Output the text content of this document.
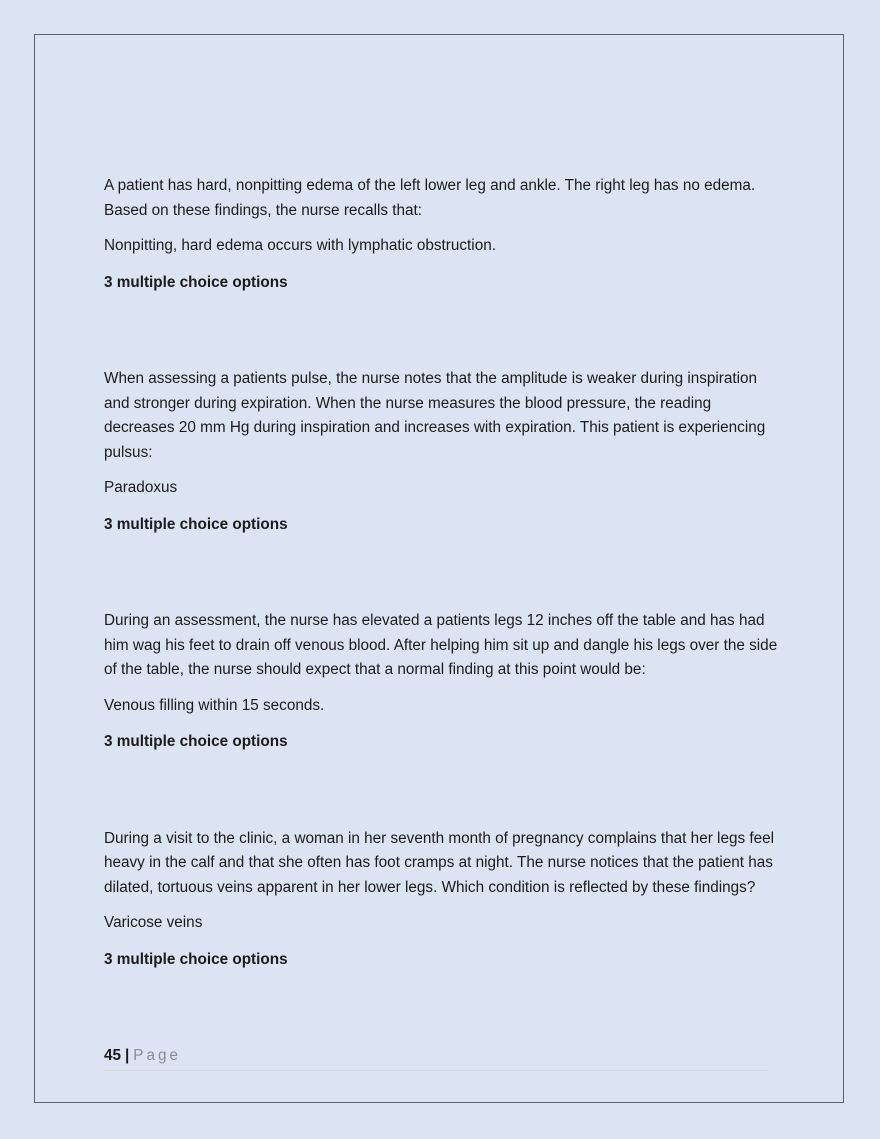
A patient has hard, nonpitting edema of the left lower leg and ankle. The right leg has no edema. Based on these findings, the nurse recalls that:

Nonpitting, hard edema occurs with lymphatic obstruction.

3 multiple choice options

When assessing a patients pulse, the nurse notes that the amplitude is weaker during inspiration and stronger during expiration. When the nurse measures the blood pressure, the reading decreases 20 mm Hg during inspiration and increases with expiration. This patient is experiencing pulsus:

Paradoxus

3 multiple choice options

During an assessment, the nurse has elevated a patients legs 12 inches off the table and has had him wag his feet to drain off venous blood. After helping him sit up and dangle his legs over the side of the table, the nurse should expect that a normal finding at this point would be:

Venous filling within 15 seconds.

3 multiple choice options

During a visit to the clinic, a woman in her seventh month of pregnancy complains that her legs feel heavy in the calf and that she often has foot cramps at night. The nurse notices that the patient has dilated, tortuous veins apparent in her lower legs. Which condition is reflected by these findings?

Varicose veins

3 multiple choice options

45 | Page
